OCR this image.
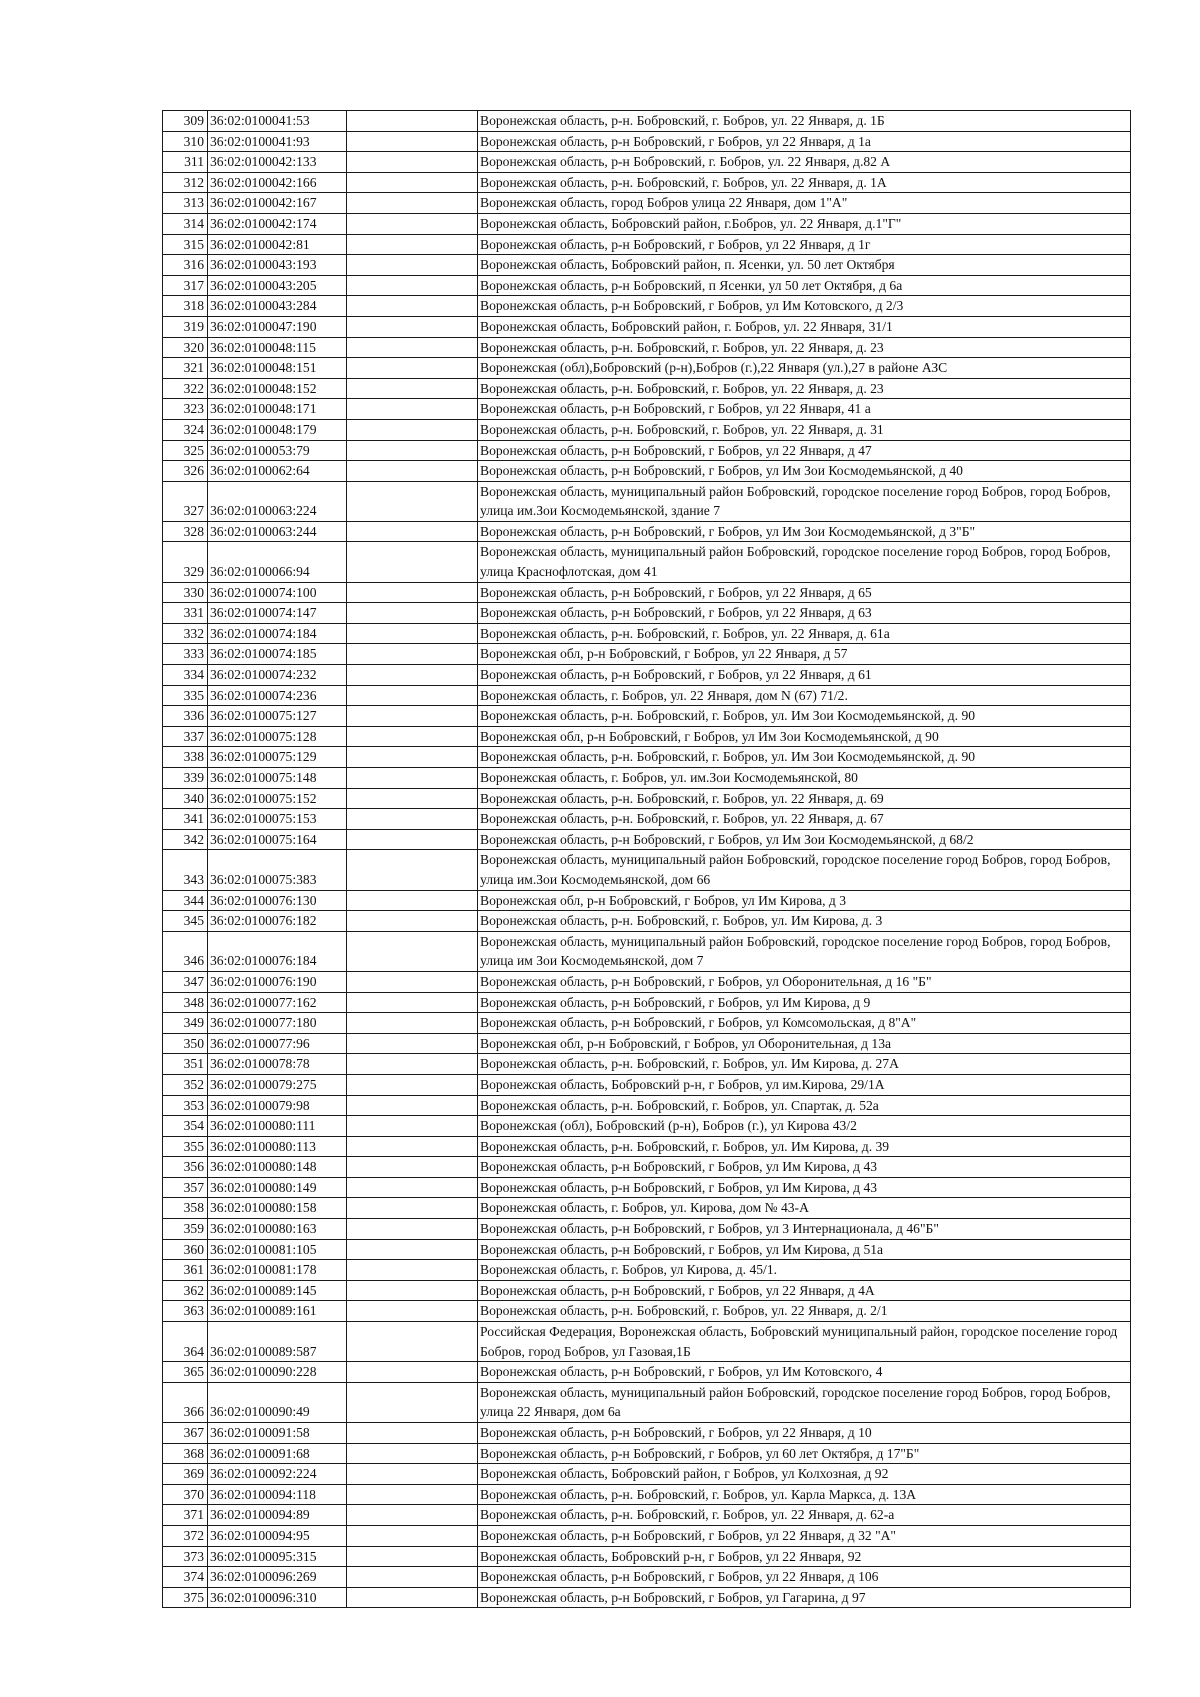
309	36:02:0100041:53		Воронежская область, р-н. Бобровский, г. Бобров, ул. 22 Января, д. 1Б
310	36:02:0100041:93		Воронежская область, р-н Бобровский, г Бобров, ул 22 Января, д 1а
311	36:02:0100042:133		Воронежская область, р-н Бобровский, г. Бобров, ул. 22 Января, д.82 А
312	36:02:0100042:166		Воронежская область, р-н. Бобровский, г. Бобров, ул. 22 Января, д. 1А
313	36:02:0100042:167		Воронежская область, город Бобров улица 22 Января, дом 1"А"
314	36:02:0100042:174		Воронежская область, Бобровский район, г.Бобров, ул. 22 Января, д.1"Г"
315	36:02:0100042:81		Воронежская область, р-н Бобровский, г Бобров, ул 22 Января, д 1г
316	36:02:0100043:193		Воронежская область, Бобровский район, п. Ясенки, ул. 50 лет Октября
317	36:02:0100043:205		Воронежская область, р-н Бобровский, п Ясенки, ул 50 лет Октября, д 6а
318	36:02:0100043:284		Воронежская область, р-н Бобровский, г Бобров, ул Им Котовского, д 2/3
319	36:02:0100047:190		Воронежская область, Бобровский район, г. Бобров, ул. 22 Января, 31/1
320	36:02:0100048:115		Воронежская область, р-н. Бобровский, г. Бобров, ул. 22 Января, д. 23
321	36:02:0100048:151		Воронежская (обл),Бобровский (р-н),Бобров (г.),22 Января (ул.),27 в районе АЗС
322	36:02:0100048:152		Воронежская область, р-н. Бобровский, г. Бобров, ул. 22 Января, д. 23
323	36:02:0100048:171		Воронежская область, р-н Бобровский, г Бобров, ул 22 Января, 41 а
324	36:02:0100048:179		Воронежская область, р-н. Бобровский, г. Бобров, ул. 22 Января, д. 31
325	36:02:0100053:79		Воронежская область, р-н Бобровский, г Бобров, ул 22 Января, д 47
326	36:02:0100062:64		Воронежская область, р-н Бобровский, г Бобров, ул Им Зои Космодемьянской, д 40
327	36:02:0100063:224		Воронежская область, муниципальный район Бобровский, городское поселение город Бобров, город Бобров, улица им.Зои Космодемьянской, здание 7
328	36:02:0100063:244		Воронежская область, р-н Бобровский, г Бобров, ул Им Зои Космодемьянской, д 3"Б"
329	36:02:0100066:94		Воронежская область, муниципальный район Бобровский, городское поселение город Бобров, город Бобров, улица Краснофлотская, дом 41
330	36:02:0100074:100		Воронежская область, р-н Бобровский, г Бобров, ул 22 Января, д 65
331	36:02:0100074:147		Воронежская область, р-н Бобровский, г Бобров, ул 22 Января, д 63
332	36:02:0100074:184		Воронежская область, р-н. Бобровский, г. Бобров, ул. 22 Января, д. 61а
333	36:02:0100074:185		Воронежская обл, р-н Бобровский, г Бобров, ул 22 Января, д 57
334	36:02:0100074:232		Воронежская область, р-н Бобровский, г Бобров, ул 22 Января, д 61
335	36:02:0100074:236		Воронежская область, г. Бобров, ул. 22 Января, дом N (67) 71/2.
336	36:02:0100075:127		Воронежская область, р-н. Бобровский, г. Бобров, ул. Им Зои Космодемьянской, д. 90
337	36:02:0100075:128		Воронежская обл, р-н Бобровский, г Бобров, ул Им Зои Космодемьянской, д 90
338	36:02:0100075:129		Воронежская область, р-н. Бобровский, г. Бобров, ул. Им Зои Космодемьянской, д. 90
339	36:02:0100075:148		Воронежская область, г. Бобров, ул. им.Зои Космодемьянской, 80
340	36:02:0100075:152		Воронежская область, р-н. Бобровский, г. Бобров, ул. 22 Января, д. 69
341	36:02:0100075:153		Воронежская область, р-н. Бобровский, г. Бобров, ул. 22 Января, д. 67
342	36:02:0100075:164		Воронежская область, р-н Бобровский, г Бобров, ул Им Зои Космодемьянской, д 68/2
343	36:02:0100075:383		Воронежская область, муниципальный район Бобровский, городское поселение город Бобров, город Бобров, улица им.Зои Космодемьянской, дом 66
344	36:02:0100076:130		Воронежская обл, р-н Бобровский, г Бобров, ул Им Кирова, д 3
345	36:02:0100076:182		Воронежская область, р-н. Бобровский, г. Бобров, ул. Им Кирова, д. 3
346	36:02:0100076:184		Воронежская область, муниципальный район Бобровский, городское поселение город Бобров, город Бобров, улица им Зои Космодемьянской, дом 7
347	36:02:0100076:190		Воронежская область, р-н Бобровский, г Бобров, ул Оборонительная, д 16 "Б"
348	36:02:0100077:162		Воронежская область, р-н Бобровский, г Бобров, ул Им Кирова, д 9
349	36:02:0100077:180		Воронежская область, р-н Бобровский, г Бобров, ул Комсомольская, д 8"А"
350	36:02:0100077:96		Воронежская обл, р-н Бобровский, г Бобров, ул Оборонительная, д 13а
351	36:02:0100078:78		Воронежская область, р-н. Бобровский, г. Бобров, ул. Им Кирова, д. 27А
352	36:02:0100079:275		Воронежская область, Бобровский р-н, г Бобров, ул им.Кирова, 29/1А
353	36:02:0100079:98		Воронежская область, р-н. Бобровский, г. Бобров, ул. Спартак, д. 52а
354	36:02:0100080:111		Воронежская (обл), Бобровский (р-н), Бобров (г.), ул Кирова 43/2
355	36:02:0100080:113		Воронежская область, р-н. Бобровский, г. Бобров, ул. Им Кирова, д. 39
356	36:02:0100080:148		Воронежская область, р-н Бобровский, г Бобров, ул Им Кирова, д 43
357	36:02:0100080:149		Воронежская область, р-н Бобровский, г Бобров, ул Им Кирова, д 43
358	36:02:0100080:158		Воронежская область, г. Бобров, ул. Кирова, дом № 43-А
359	36:02:0100080:163		Воронежская область, р-н Бобровский, г Бобров, ул 3 Интернационала, д 46"Б"
360	36:02:0100081:105		Воронежская область, р-н Бобровский, г Бобров, ул Им Кирова, д 51а
361	36:02:0100081:178		Воронежская область, г. Бобров, ул Кирова, д. 45/1.
362	36:02:0100089:145		Воронежская область, р-н Бобровский, г Бобров, ул 22 Января, д 4А
363	36:02:0100089:161		Воронежская область, р-н. Бобровский, г. Бобров, ул. 22 Января, д. 2/1
364	36:02:0100089:587		Российская Федерация, Воронежская область, Бобровский муниципальный район, городское поселение город Бобров, город Бобров, ул Газовая,1Б
365	36:02:0100090:228		Воронежская область, р-н Бобровский, г Бобров, ул Им Котовского, 4
366	36:02:0100090:49		Воронежская область, муниципальный район Бобровский, городское поселение город Бобров, город Бобров, улица 22 Января, дом 6а
367	36:02:0100091:58		Воронежская область, р-н Бобровский, г Бобров, ул 22 Января, д 10
368	36:02:0100091:68		Воронежская область, р-н Бобровский, г Бобров, ул 60 лет Октября, д 17"Б"
369	36:02:0100092:224		Воронежская область, Бобровский район, г Бобров, ул Колхозная, д 92
370	36:02:0100094:118		Воронежская область, р-н. Бобровский, г. Бобров, ул. Карла Маркса, д. 13А
371	36:02:0100094:89		Воронежская область, р-н. Бобровский, г. Бобров, ул. 22 Января, д. 62-а
372	36:02:0100094:95		Воронежская область, р-н Бобровский, г Бобров, ул 22 Января, д 32 "А"
373	36:02:0100095:315		Воронежская область, Бобровский р-н, г Бобров, ул 22 Января, 92
374	36:02:0100096:269		Воронежская область, р-н Бобровский, г Бобров, ул 22 Января, д 106
375	36:02:0100096:310		Воронежская область, р-н Бобровский, г Бобров, ул Гагарина, д 97
